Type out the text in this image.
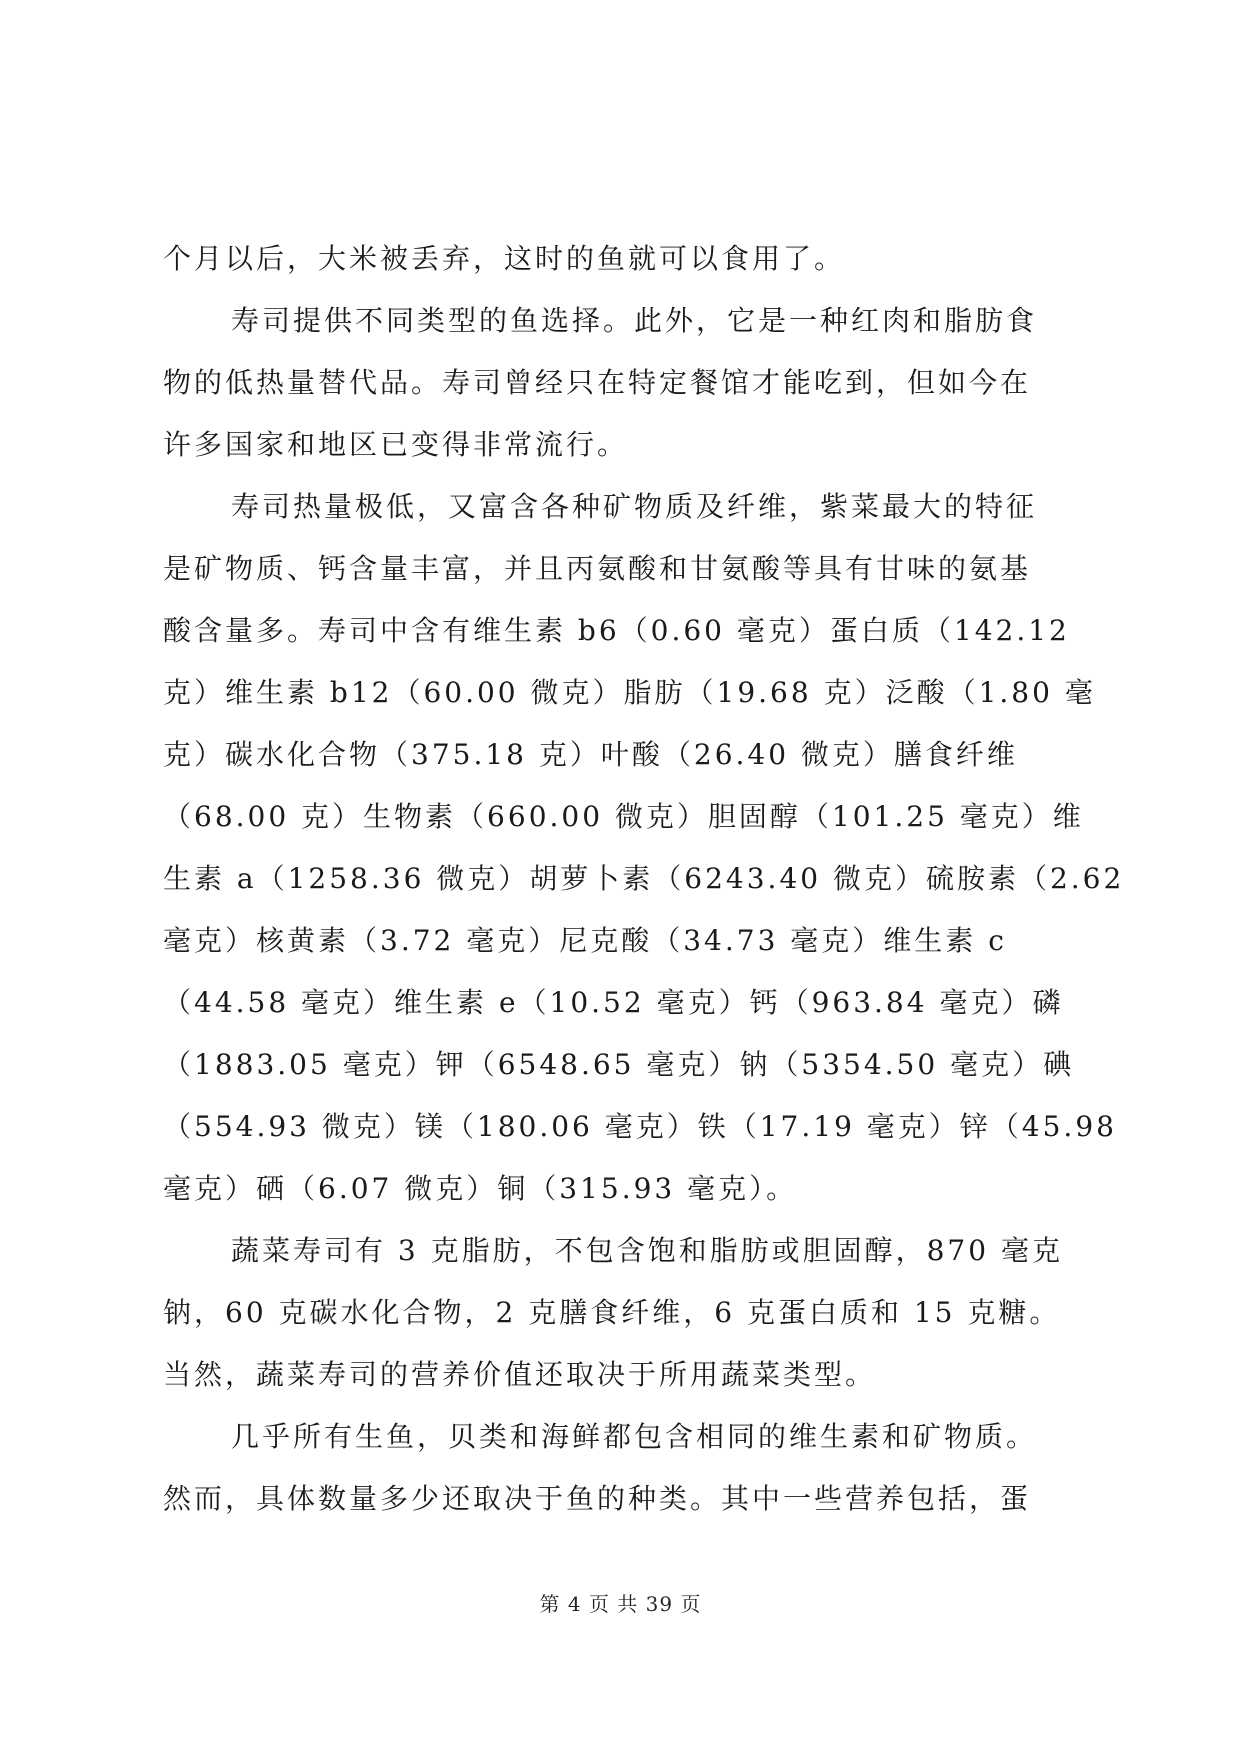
个月以后，大米被丢弃，这时的鱼就可以食用了。
寿司提供不同类型的鱼选择。此外，它是一种红肉和脂肪食
物的低热量替代品。寿司曾经只在特定餐馆才能吃到，但如今在
许多国家和地区已变得非常流行。
寿司热量极低，又富含各种矿物质及纤维，紫菜最大的特征
是矿物质、钙含量丰富，并且丙氨酸和甘氨酸等具有甘味的氨基
酸含量多。寿司中含有维生素 b6（0.60 毫克）蛋白质（142.12
克）维生素 b12（60.00 微克）脂肪（19.68 克）泛酸（1.80 毫
克）碳水化合物（375.18 克）叶酸（26.40 微克）膳食纤维
（68.00 克）生物素（660.00 微克）胆固醇（101.25 毫克）维
生素 a（1258.36 微克）胡萝卜素（6243.40 微克）硫胺素（2.62
毫克）核黄素（3.72 毫克）尼克酸（34.73 毫克）维生素 c
（44.58 毫克）维生素 e（10.52 毫克）钙（963.84 毫克）磷
（1883.05 毫克）钾（6548.65 毫克）钠（5354.50 毫克）碘
（554.93 微克）镁（180.06 毫克）铁（17.19 毫克）锌（45.98
毫克）硒（6.07 微克）铜（315.93 毫克）。
蔬菜寿司有 3 克脂肪，不包含饱和脂肪或胆固醇，870 毫克
钠，60 克碳水化合物，2 克膳食纤维，6 克蛋白质和 15 克糖。
当然，蔬菜寿司的营养价值还取决于所用蔬菜类型。
几乎所有生鱼，贝类和海鲜都包含相同的维生素和矿物质。
然而，具体数量多少还取决于鱼的种类。其中一些营养包括，蛋
第 4 页 共 39 页
